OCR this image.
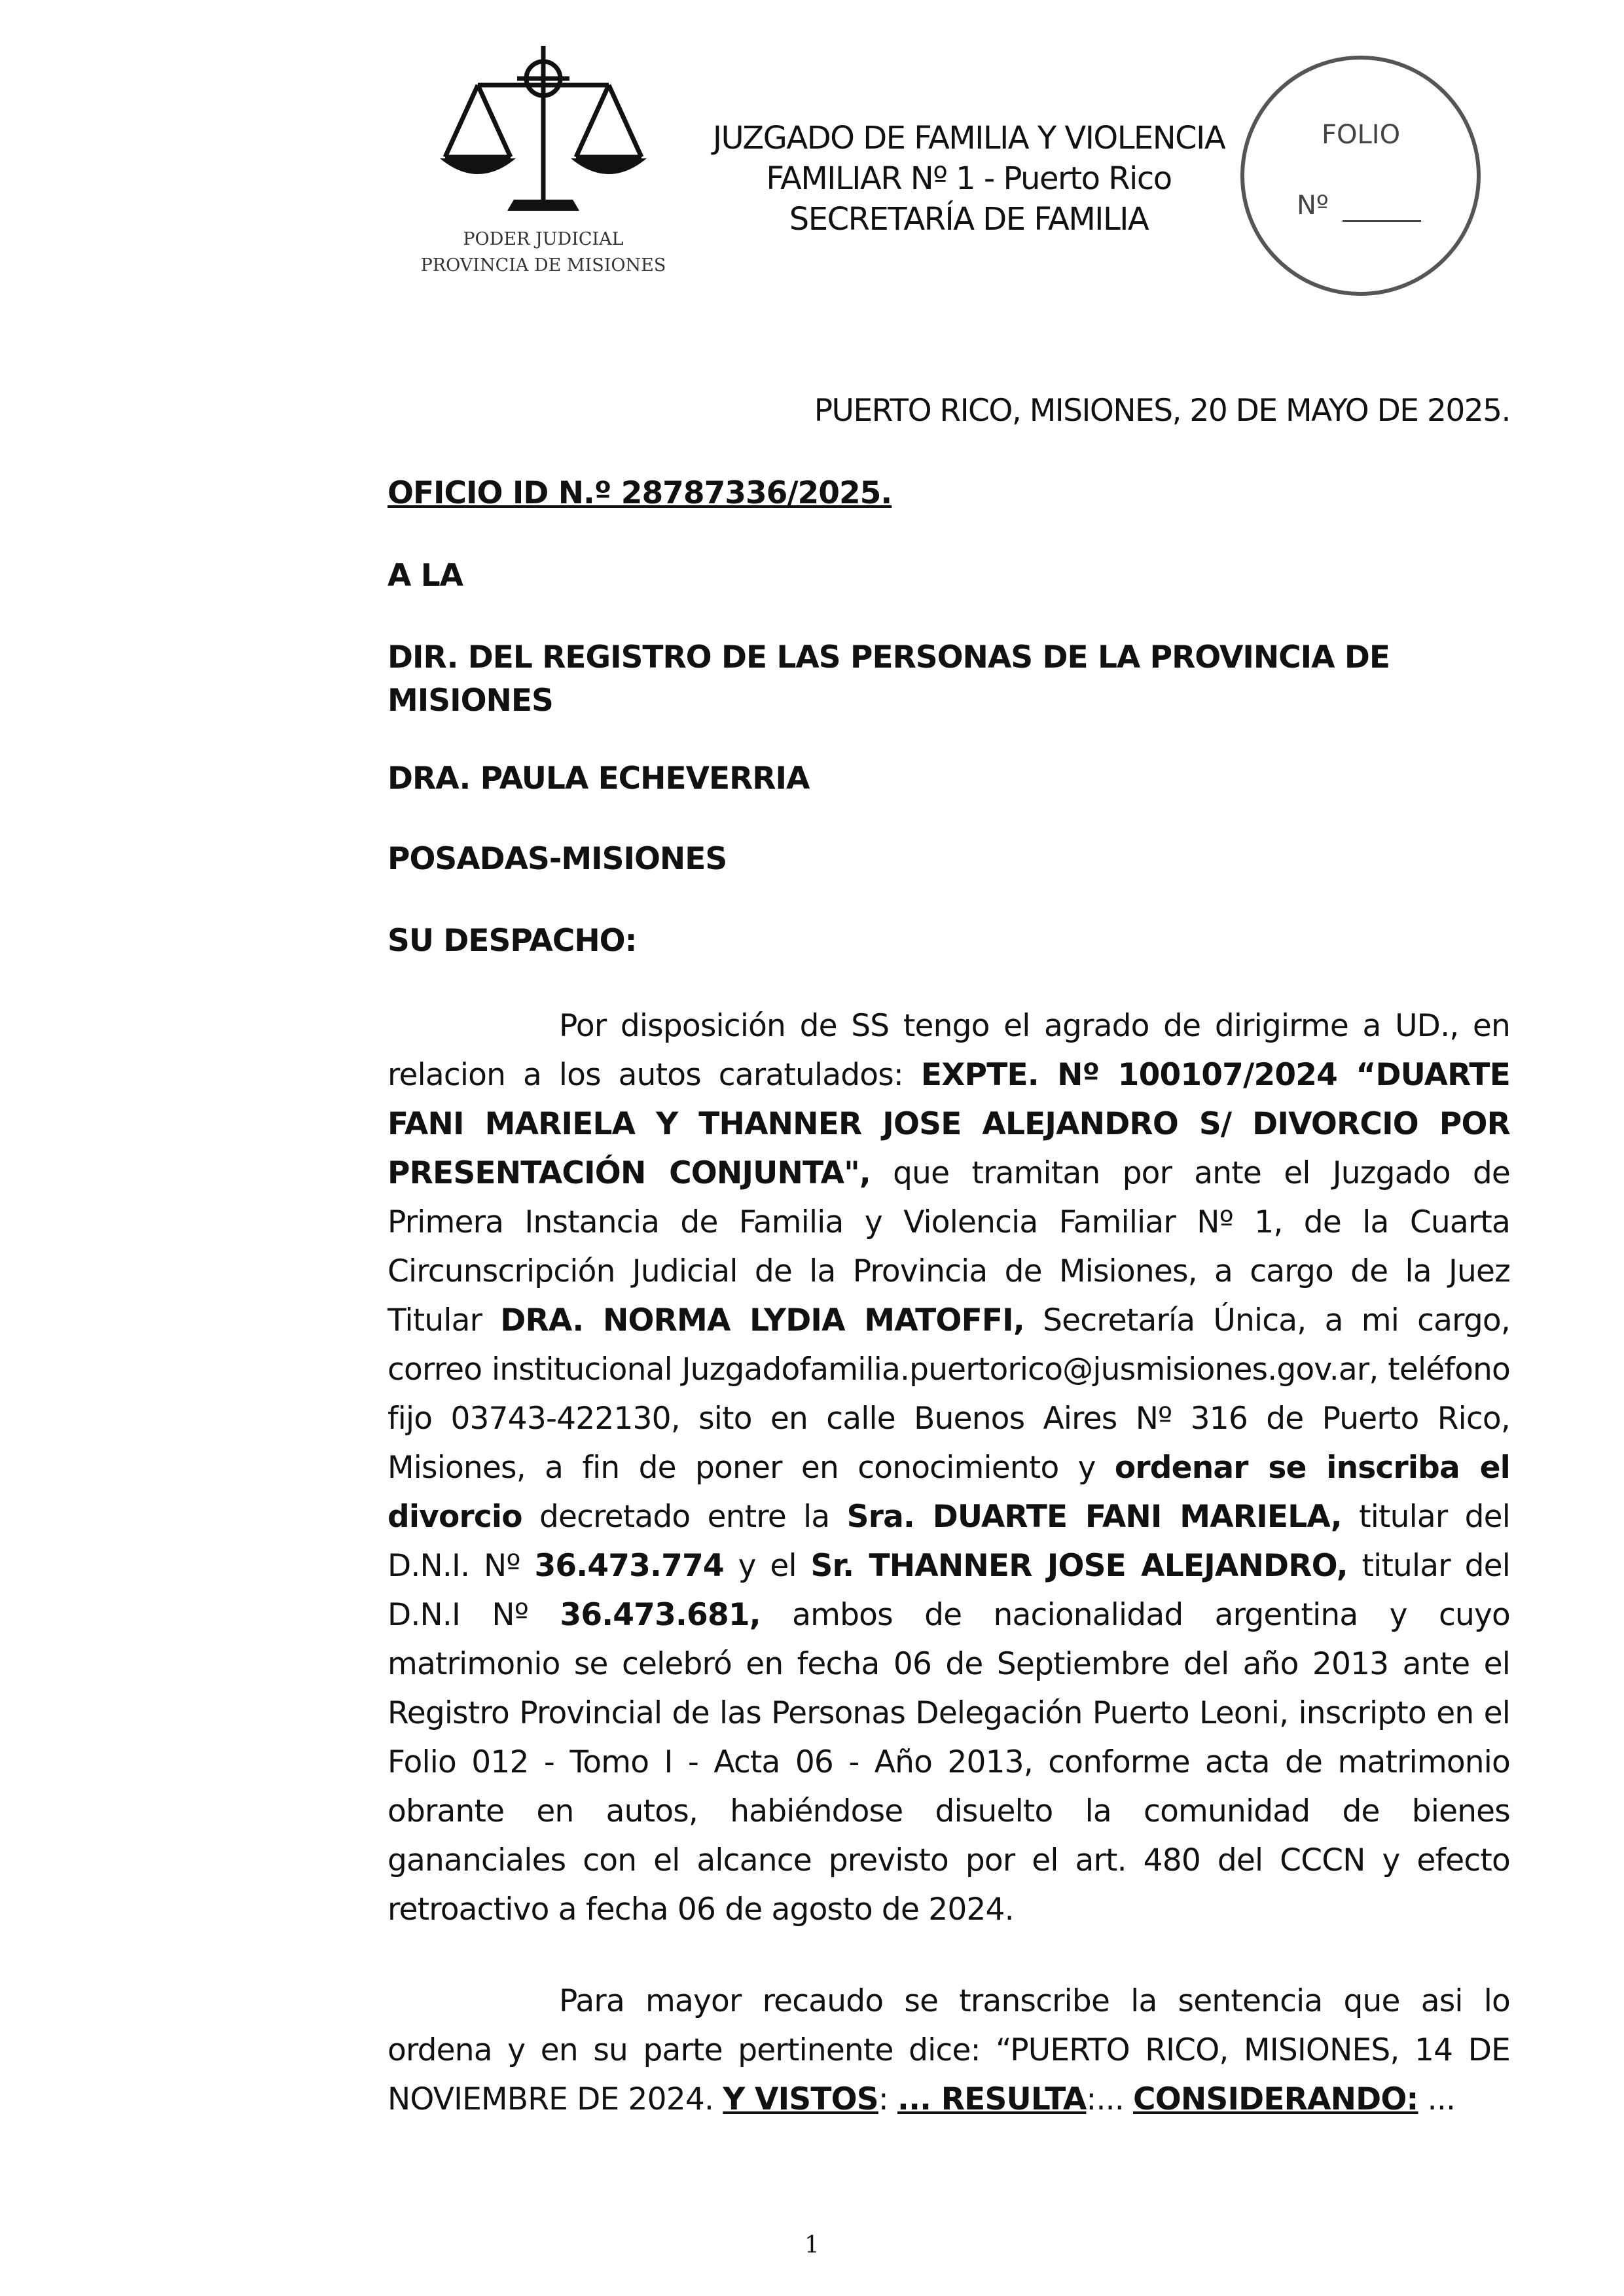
PODER JUDICIAL
PROVINCIA DE MISIONES
JUZGADO DE FAMILIA Y VIOLENCIA
FAMILIAR Nº 1 - Puerto Rico
SECRETARÍA DE FAMILIA
FOLIO
Nº
PUERTO RICO, MISIONES, 20 DE MAYO DE 2025.
OFICIO ID N.º 28787336/2025.
A LA
DIR. DEL REGISTRO DE LAS PERSONAS DE LA PROVINCIA DE MISIONES
DRA. PAULA ECHEVERRIA
POSADAS-MISIONES
SU DESPACHO:

Por disposición de SS tengo el agrado de dirigirme a UD., en relacion a los autos caratulados: EXPTE. Nº 100107/2024 “DUARTE FANI MARIELA Y THANNER JOSE ALEJANDRO S/ DIVORCIO POR PRESENTACIÓN CONJUNTA", que tramitan por ante el Juzgado de Primera Instancia de Familia y Violencia Familiar Nº 1, de la Cuarta Circunscripción Judicial de la Provincia de Misiones, a cargo de la Juez Titular DRA. NORMA LYDIA MATOFFI, Secretaría Única, a mi cargo, correo institucional Juzgadofamilia.puertorico@jusmisiones.gov.ar, teléfono fijo 03743-422130, sito en calle Buenos Aires Nº 316 de Puerto Rico, Misiones, a fin de poner en conocimiento y ordenar se inscriba el divorcio decretado entre la Sra. DUARTE FANI MARIELA, titular del D.N.I. Nº 36.473.774 y el Sr. THANNER JOSE ALEJANDRO, titular del D.N.I Nº 36.473.681, ambos de nacionalidad argentina y cuyo matrimonio se celebró en fecha 06 de Septiembre del año 2013 ante el Registro Provincial de las Personas Delegación Puerto Leoni, inscripto en el Folio 012 - Tomo I - Acta 06 - Año 2013, conforme acta de matrimonio obrante en autos, habiéndose disuelto la comunidad de bienes gananciales con el alcance previsto por el art. 480 del CCCN y efecto retroactivo a fecha 06 de agosto de 2024.

Para mayor recaudo se transcribe la sentencia que asi lo ordena y en su parte pertinente dice: “PUERTO RICO, MISIONES, 14 DE NOVIEMBRE DE 2024. Y VISTOS: ... RESULTA:... CONSIDERANDO: ...

1
